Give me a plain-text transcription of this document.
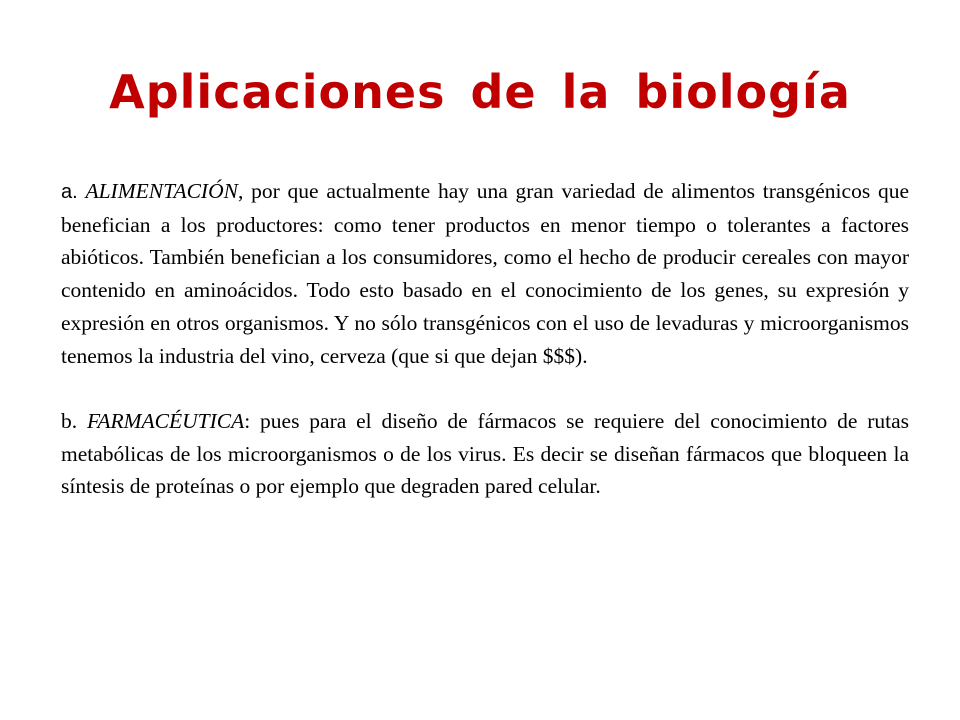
Aplicaciones de la biología

a. ALIMENTACIÓN, por que actualmente hay una gran variedad de alimentos transgénicos que benefician a los productores: como tener productos en menor tiempo o tolerantes a factores abióticos. También benefician a los consumidores, como el hecho de producir cereales con mayor contenido en aminoácidos. Todo esto basado en el conocimiento de los genes, su expresión y expresión en otros organismos. Y no sólo transgénicos con el uso de levaduras y microorganismos tenemos la industria del vino, cerveza (que si que dejan $$$).

b. FARMACÉUTICA: pues para el diseño de fármacos se requiere del conocimiento de rutas metabólicas de los microorganismos o de los virus. Es decir se diseñan fármacos que bloqueen la síntesis de proteínas o por ejemplo que degraden pared celular.
